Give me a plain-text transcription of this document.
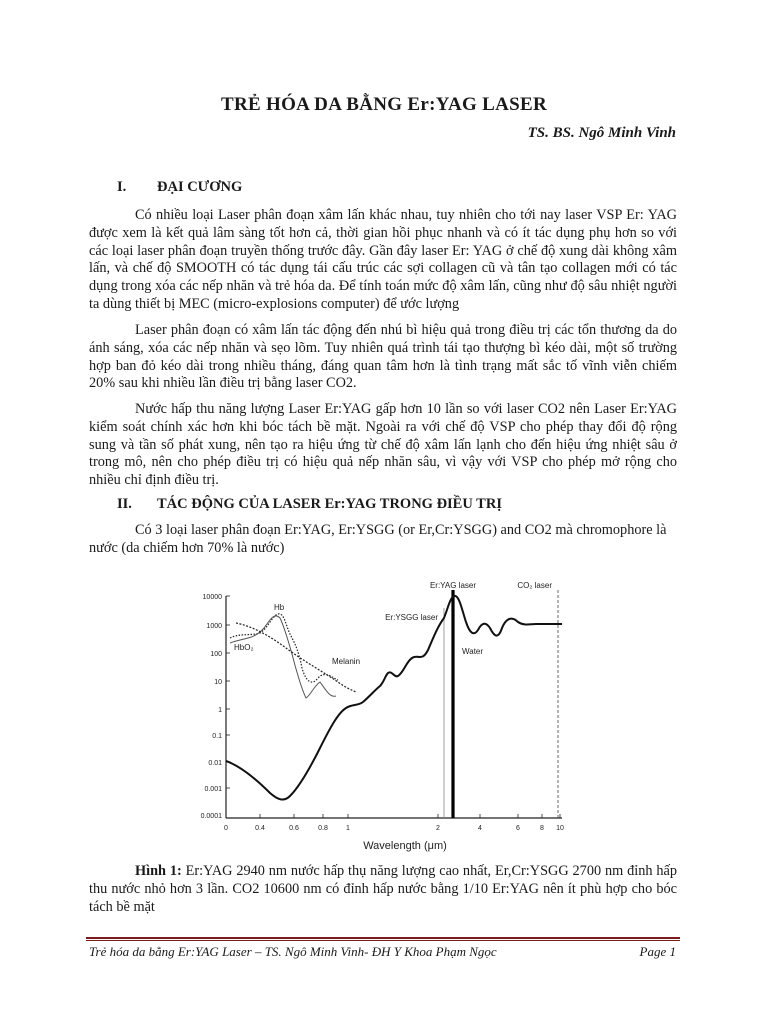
TRẺ HÓA DA BẰNG Er:YAG LASER
TS. BS. Ngô Minh Vinh
I. ĐẠI CƯƠNG
Có nhiều loại Laser phân đoạn xâm lấn khác nhau, tuy nhiên cho tới nay laser VSP Er: YAG được xem là kết quả lâm sàng tốt hơn cả, thời gian hồi phục nhanh và có ít tác dụng phụ hơn so với các loại laser phân đoạn truyền thống trước đây. Gần đây laser Er: YAG ở chế độ xung dài không xâm lấn, và chế độ SMOOTH có tác dụng tái cấu trúc các sợi collagen cũ và tân tạo collagen mới có tác dụng trong xóa các nếp nhăn và trẻ hóa da. Để tính toán mức độ xâm lấn, cũng như độ sâu nhiệt người ta dùng thiết bị MEC (micro-explosions computer) để ước lượng
Laser phân đoạn có xâm lấn tác động đến nhú bì hiệu quả trong điều trị các tổn thương da do ánh sáng, xóa các nếp nhăn và sẹo lõm. Tuy nhiên quá trình tái tạo thượng bì kéo dài, một số trường hợp ban đỏ kéo dài trong nhiều tháng, đáng quan tâm hơn là tình trạng mất sắc tố vĩnh viễn chiếm 20% sau khi nhiều lần điều trị bằng laser CO2.
Nước hấp thu năng lượng Laser Er:YAG gấp hơn 10 lần so với laser CO2 nên Laser Er:YAG kiểm soát chính xác hơn khi bóc tách bề mặt. Ngoài ra với chế độ VSP cho phép thay đổi độ rộng sung và tần số phát xung, nên tạo ra hiệu ứng từ chế độ xâm lấn lạnh cho đến hiệu ứng nhiệt sâu ở trong mô, nên cho phép điều trị có hiệu quả nếp nhăn sâu, vì vậy với VSP cho phép mở rộng cho nhiều chỉ định điều trị.
II. TÁC ĐỘNG CỦA LASER Er:YAG TRONG ĐIỀU TRỊ
Có 3 loại laser phân đoạn Er:YAG, Er:YSGG (or Er,Cr:YSGG) and CO2 mà chromophore là nước (da chiếm hơn 70% là nước)
10000
1000
100
10
1
0.1
0.01
0.001
0.0001
0	0.4	0.6	0.8	1	2	4	6	8 10
Wavelength (μm)
Er:YAG laser
Er:YSGG laser
CO₂ laser
Hb
HbO₂
Melanin
Water
Hình 1: Er:YAG 2940 nm nước hấp thụ năng lượng cao nhất, Er,Cr:YSGG 2700 nm đỉnh hấp thu nước nhỏ hơn 3 lần. CO2 10600 nm có đỉnh hấp nước bằng 1/10 Er:YAG nên ít phù hợp cho bóc tách bề mặt
Trẻ hóa da bằng Er:YAG Laser – TS. Ngô Minh Vinh- ĐH Y Khoa Phạm Ngọc	Page 1
